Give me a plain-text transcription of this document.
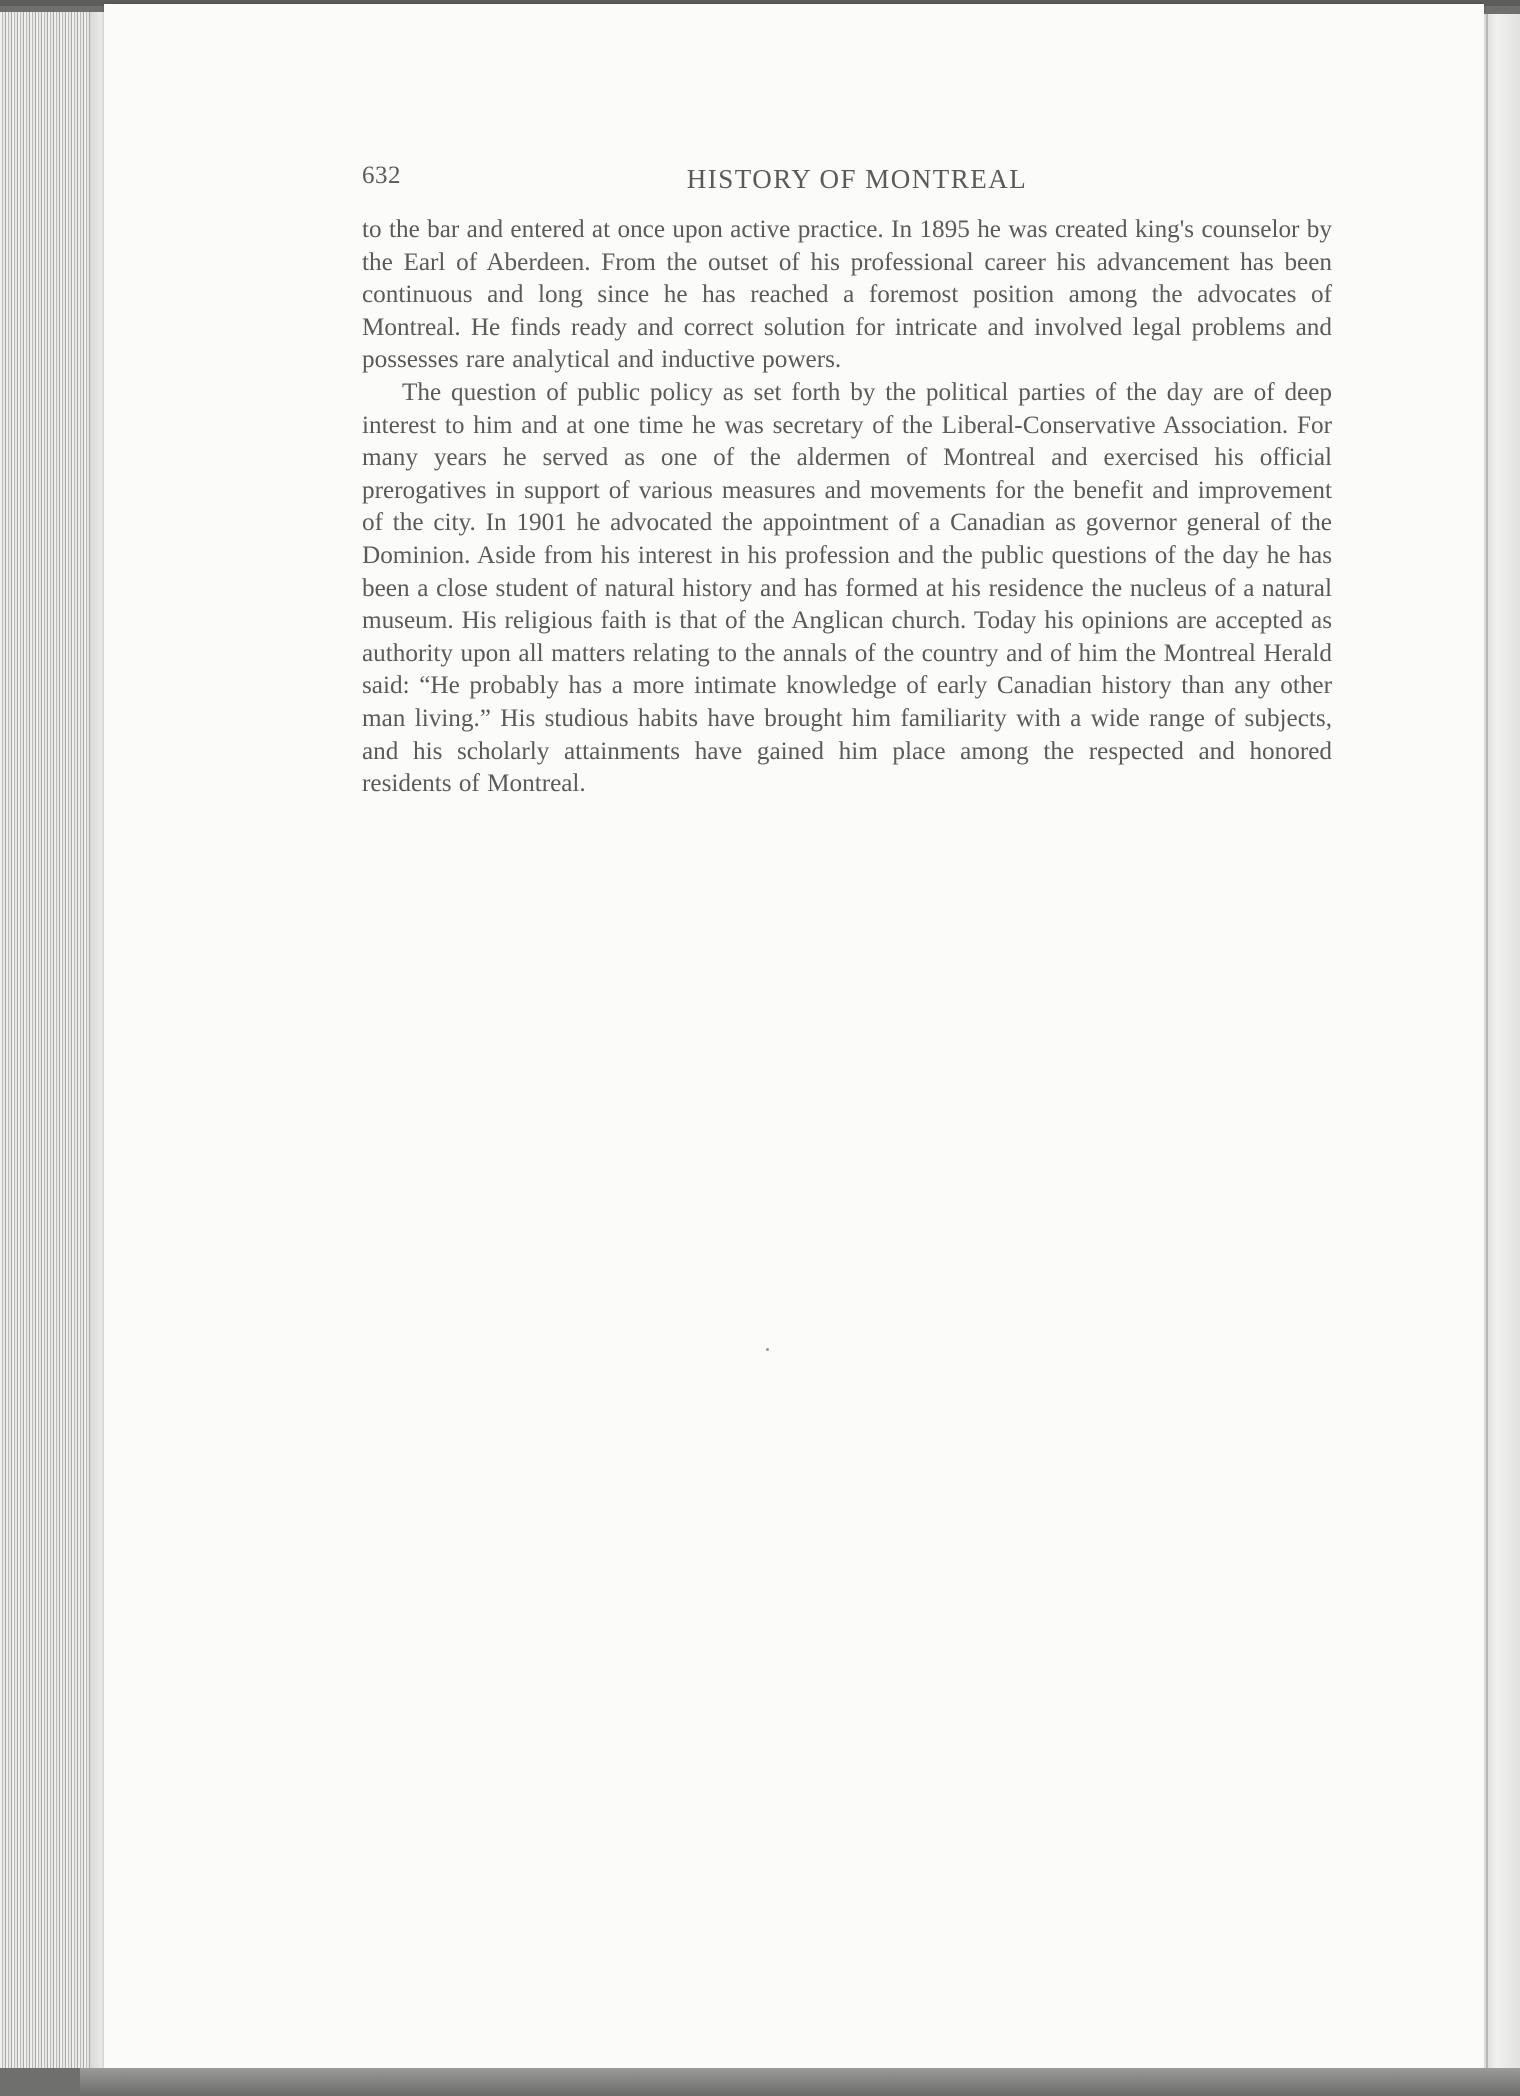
632	HISTORY OF MONTREAL

to the bar and entered at once upon active practice. In 1895 he was created king's counselor by the Earl of Aberdeen. From the outset of his professional career his advancement has been continuous and long since he has reached a foremost position among the advocates of Montreal. He finds ready and correct solution for intricate and involved legal problems and possesses rare analytical and inductive powers.

The question of public policy as set forth by the political parties of the day are of deep interest to him and at one time he was secretary of the Liberal-Conservative Association. For many years he served as one of the aldermen of Montreal and exercised his official prerogatives in support of various measures and movements for the benefit and improvement of the city. In 1901 he advocated the appointment of a Canadian as governor general of the Dominion. Aside from his interest in his profession and the public questions of the day he has been a close student of natural history and has formed at his residence the nucleus of a natural museum. His religious faith is that of the Anglican church. Today his opinions are accepted as authority upon all matters relating to the annals of the country and of him the Montreal Herald said: “He probably has a more intimate knowledge of early Canadian history than any other man living.” His studious habits have brought him familiarity with a wide range of subjects, and his scholarly attainments have gained him place among the respected and honored residents of Montreal.
